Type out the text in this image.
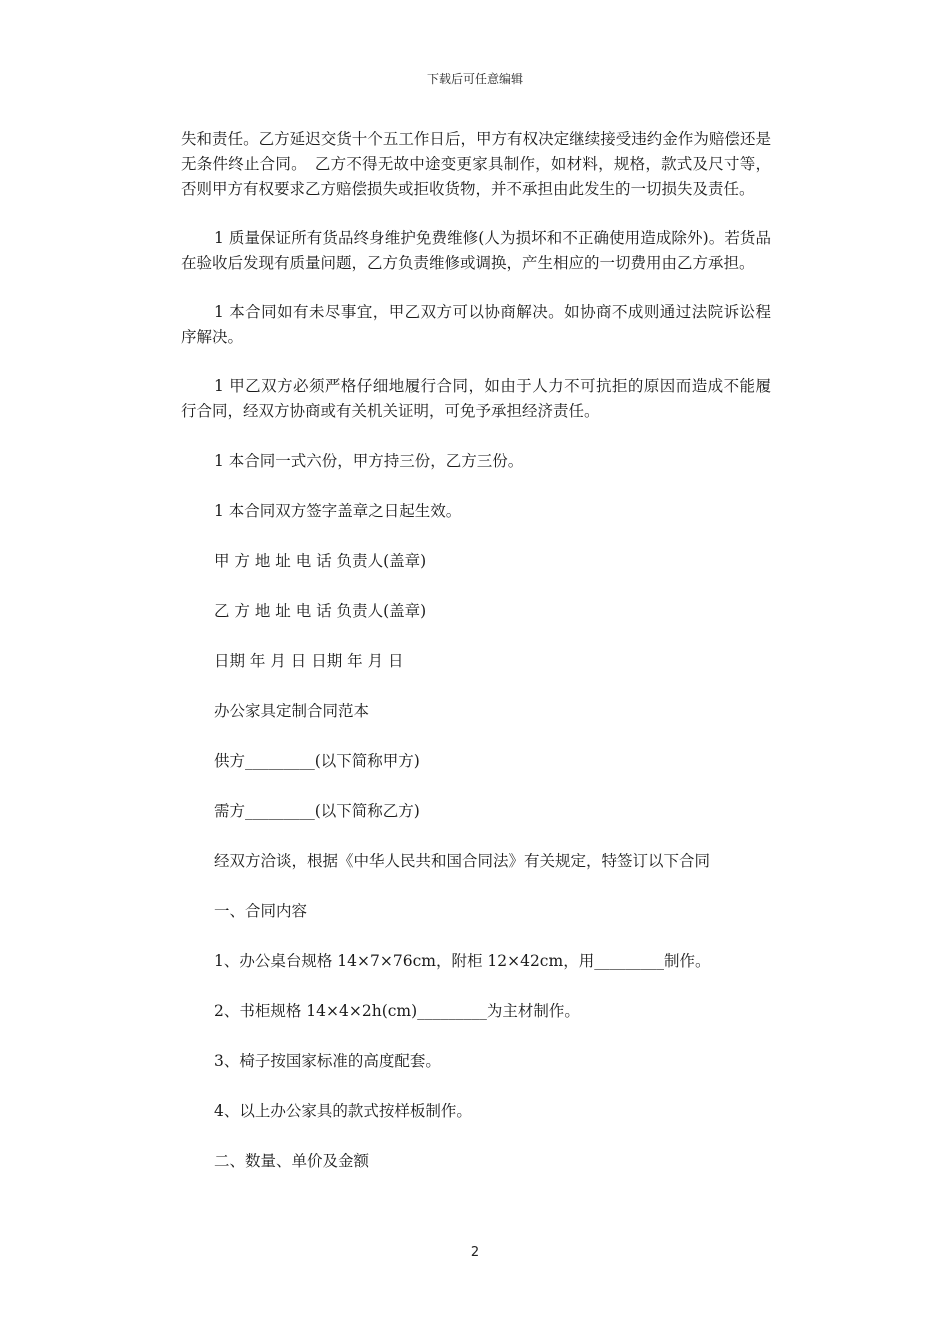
下载后可任意编辑

失和责任。乙方延迟交货十个五工作日后，甲方有权决定继续接受违约金作为赔偿还是无条件终止合同。　乙方不得无故中途变更家具制作，如材料，规格，款式及尺寸等，否则甲方有权要求乙方赔偿损失或拒收货物，并不承担由此发生的一切损失及责任。

1 质量保证所有货品终身维护免费维修(人为损坏和不正确使用造成除外)。若货品在验收后发现有质量问题，乙方负责维修或调换，产生相应的一切费用由乙方承担。

1 本合同如有未尽事宜，甲乙双方可以协商解决。如协商不成则通过法院诉讼程序解决。

1 甲乙双方必须严格仔细地履行合同，如由于人力不可抗拒的原因而造成不能履行合同，经双方协商或有关机关证明，可免予承担经济责任。

1 本合同一式六份，甲方持三份，乙方三份。

1 本合同双方签字盖章之日起生效。

甲 方 地 址 电 话 负责人(盖章)

乙 方 地 址 电 话 负责人(盖章)

日期 年 月 日 日期 年 月 日

办公家具定制合同范本

供方_________(以下简称甲方)

需方_________(以下简称乙方)

经双方洽谈，根据《中华人民共和国合同法》有关规定，特签订以下合同

一、合同内容

1、办公桌台规格 14×7×76cm，附柜 12×42cm，用_________制作。

2、书柜规格 14×4×2h(cm)_________为主材制作。

3、椅子按国家标准的高度配套。

4、以上办公家具的款式按样板制作。

二、数量、单价及金额

2
